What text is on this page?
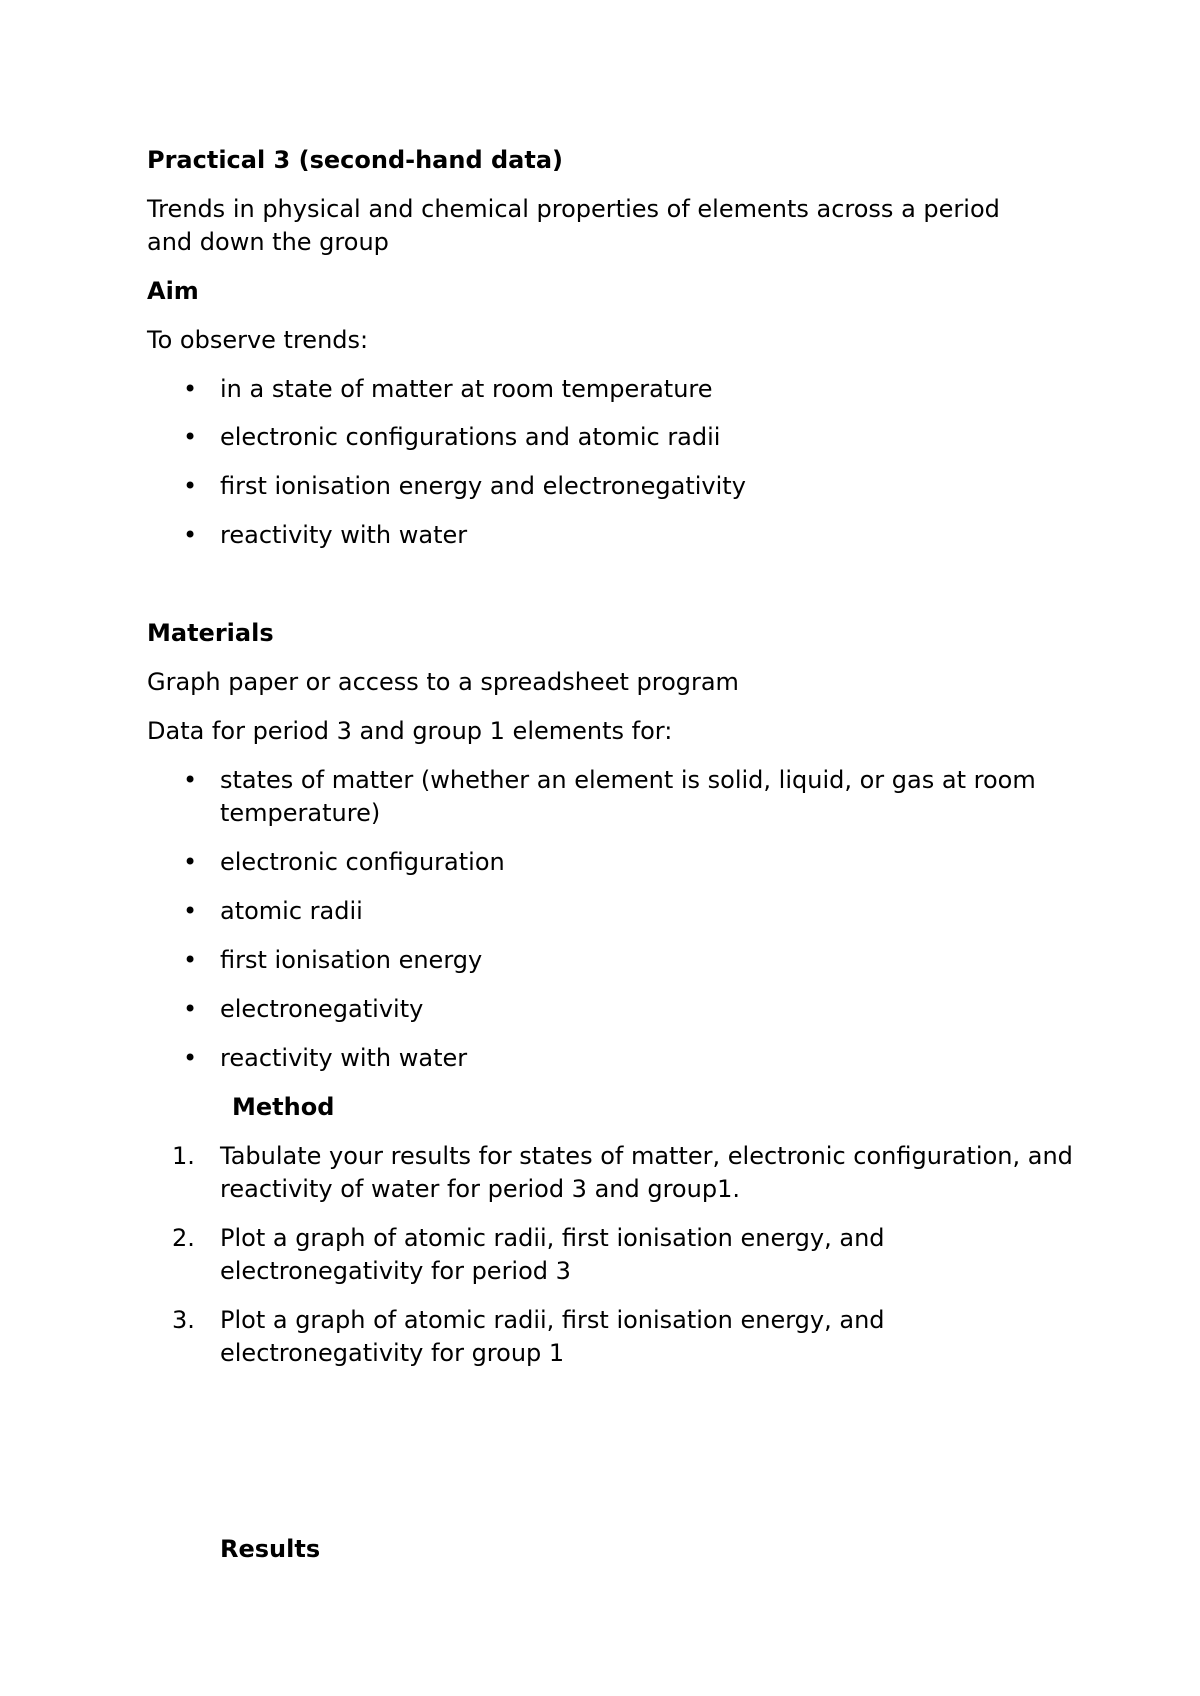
Practical 3 (second-hand data)

Trends in physical and chemical properties of elements across a period and down the group

Aim

To observe trends:

• in a state of matter at room temperature

• electronic configurations and atomic radii

• first ionisation energy and electronegativity

• reactivity with water

Materials

Graph paper or access to a spreadsheet program

Data for period 3 and group 1 elements for:

• states of matter (whether an element is solid, liquid, or gas at room temperature)

• electronic configuration

• atomic radii

• first ionisation energy

• electronegativity

• reactivity with water

Method

1. Tabulate your results for states of matter, electronic configuration, and reactivity of water for period 3 and group1.

2. Plot a graph of atomic radii, first ionisation energy, and electronegativity for period 3

3. Plot a graph of atomic radii, first ionisation energy, and electronegativity for group 1

Results
